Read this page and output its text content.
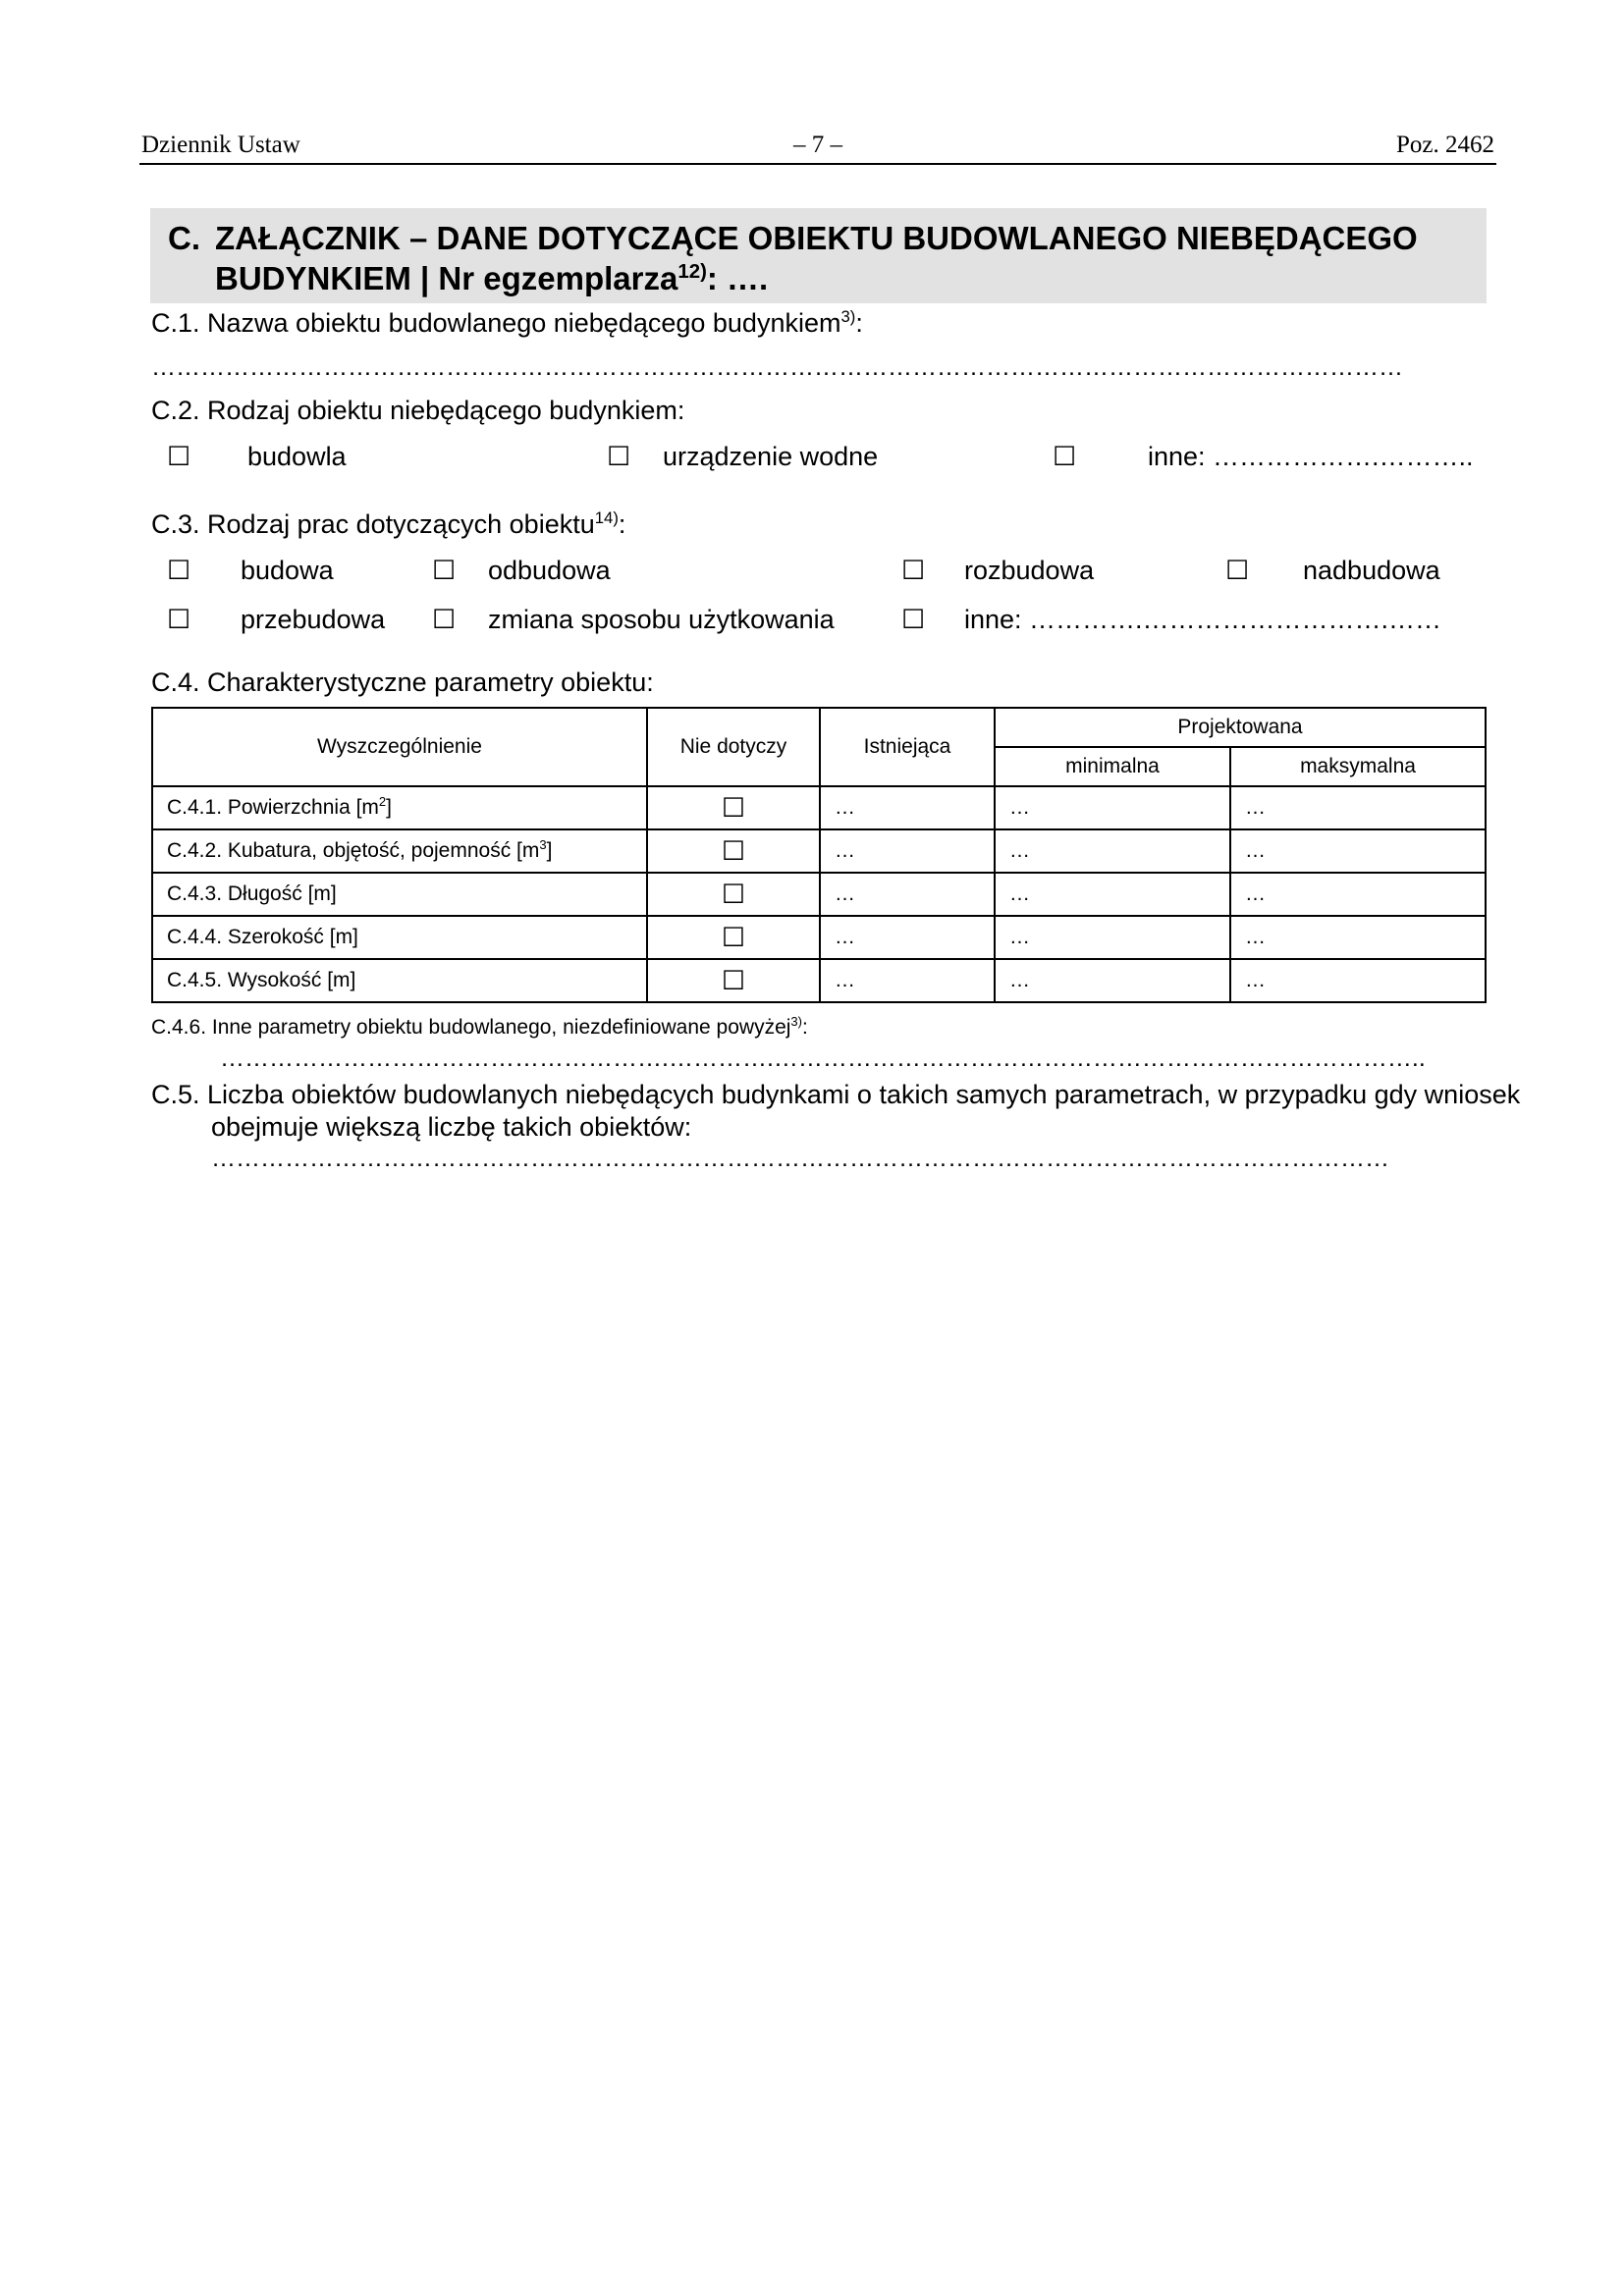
Dziennik Ustaw	– 7 –	Poz. 2462
C. ZAŁĄCZNIK – DANE DOTYCZĄCE OBIEKTU BUDOWLANEGO NIEBĘDĄCEGO
BUDYNKIEM | Nr egzemplarza$^{12)}$: ….
C.1. Nazwa obiektu budowlanego niebędącego budynkiem$^{3)}$:
………………………………………………………………………………………………………………………………………
C.2. Rodzaj obiektu niebędącego budynkiem:
☐ budowla	☐ urządzenie wodne	☐	inne: ……………….………..
C.3. Rodzaj prac dotyczących obiektu$^{14)}$:
☐ budowa	☐ odbudowa	☐ rozbudowa	☐ nadbudowa
☐ przebudowa ☐ zmiana sposobu użytkowania	☐ inne: ………….……………………….……
C.4. Charakterystyczne parametry obiektu:
Wyszczególnienie	Nie dotyczy	Istniejąca	Projektowana	
			minimalna	maksymalna
C.4.1. Powierzchnia $[m^2]$	☐	…	…	…
C.4.2. Kubatura, objętość, pojemność $[m^3]$	☐	…	…	…
C.4.3. Długość [m]	☐	…	…	…
C.4.4. Szerokość [m]	☐	…	…	…
C.4.5. Wysokość [m]	☐	…	…	…
C.4.6. Inne parametry obiektu budowlanego, niezdefiniowane powyżej$^{3)}$:
……………………………………………….………….……………………………………………………………………..
C.5. Liczba obiektów budowlanych niebędących budynkami o takich samych parametrach, w przypadku gdy wniosek
obejmuje większą liczbę takich obiektów:
………………………………………………………………………………………………………………………………
